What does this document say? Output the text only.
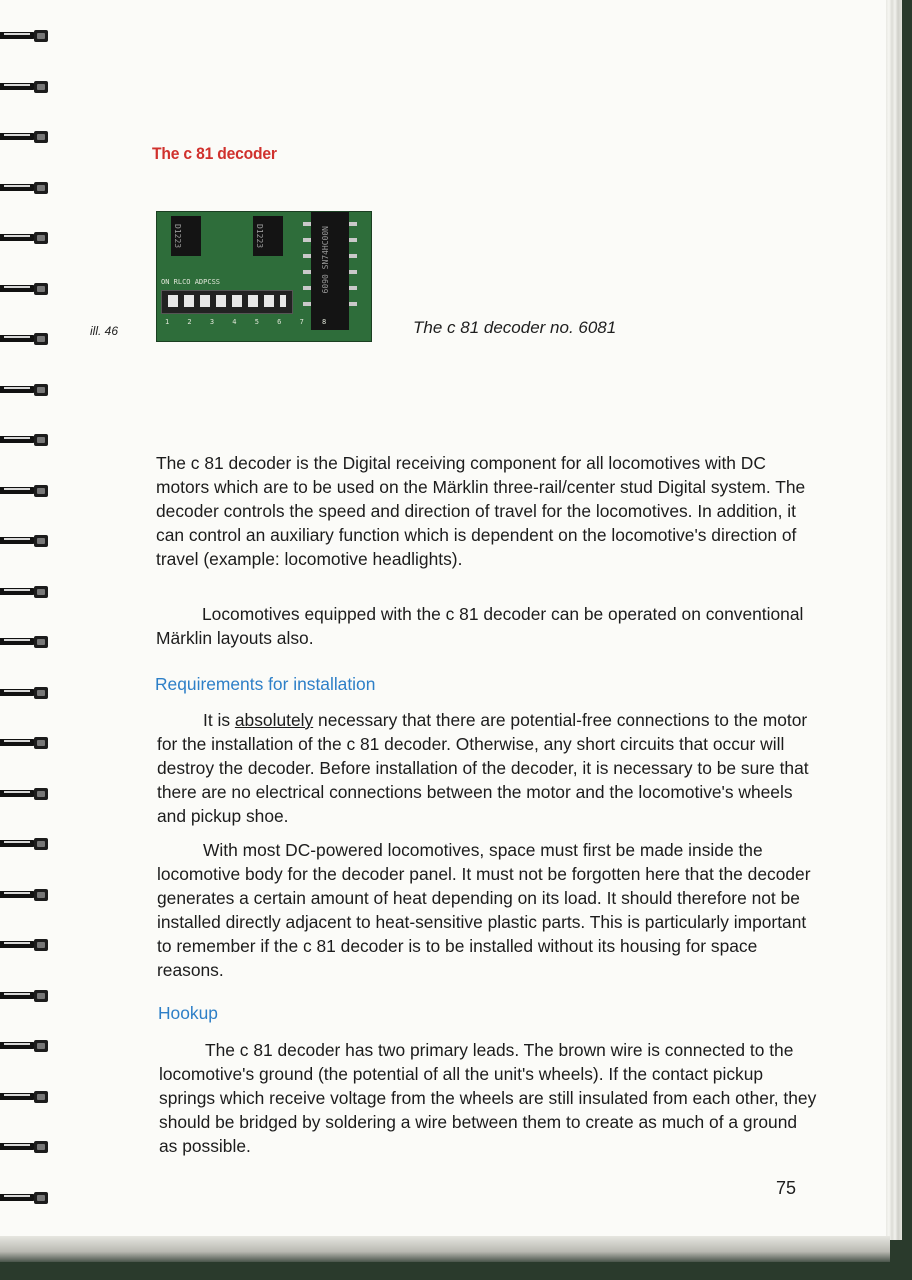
The c 81 decoder
D1223	D1223	6090 SN74HC00N
ON RLCO ADPCSS
1 2 3 4 5 6 7 8
ill. 46	The c 81 decoder no. 6081
The c 81 decoder is the Digital receiving component for all locomotives with DC motors which are to be used on the Märklin three-rail/center stud Digital system. The decoder controls the speed and direction of travel for the locomotives. In addition, it can control an auxiliary function which is dependent on the locomotive's direction of travel (example: locomotive headlights).
Locomotives equipped with the c 81 decoder can be operated on conventional Märklin layouts also.
Requirements for installation
It is absolutely necessary that there are potential-free connections to the motor for the installation of the c 81 decoder. Otherwise, any short circuits that occur will destroy the decoder. Before installation of the decoder, it is necessary to be sure that there are no electrical connections between the motor and the locomotive's wheels and pickup shoe.
With most DC-powered locomotives, space must first be made inside the locomotive body for the decoder panel. It must not be forgotten here that the decoder generates a certain amount of heat depending on its load. It should therefore not be installed directly adjacent to heat-sensitive plastic parts. This is particularly important to remember if the c 81 decoder is to be installed without its housing for space reasons.
Hookup
The c 81 decoder has two primary leads. The brown wire is connected to the locomotive's ground (the potential of all the unit's wheels). If the contact pickup springs which receive voltage from the wheels are still insulated from each other, they should be bridged by soldering a wire between them to create as much of a ground as possible.
75
